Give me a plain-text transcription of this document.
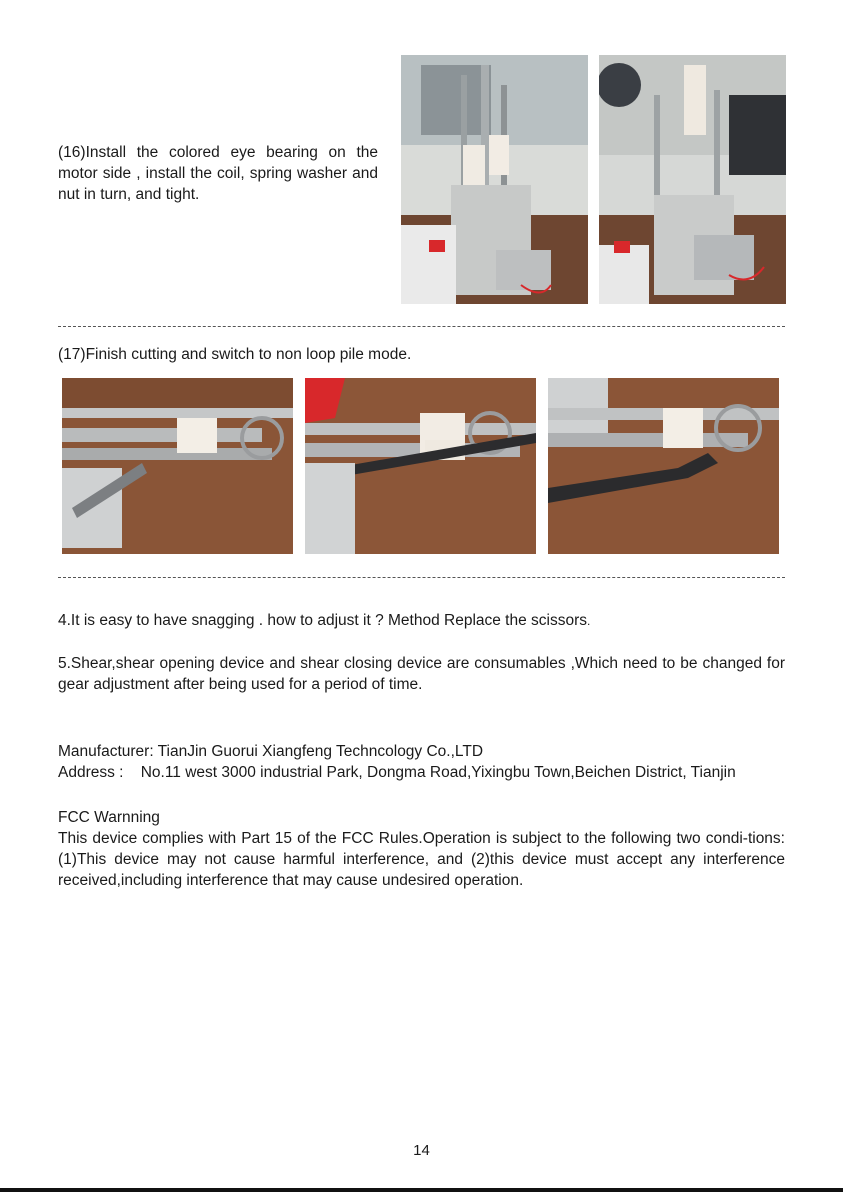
(16)Install the colored eye bearing on the motor side , install the coil, spring washer and nut in turn, and tight.
(17)Finish cutting and switch to non loop pile mode.
4.It is easy to have snagging . how to adjust it ? Method Replace the scissors.
5.Shear,shear opening device and shear closing device are consumables ,Which need to be changed for gear adjustment after being used for a period of time.
Manufacturer: TianJin Guorui Xiangfeng Techncology Co.,LTD
Address :    No.11 west 3000 industrial Park, Dongma Road,Yixingbu Town,Beichen District, Tianjin
FCC Warnning
This device complies with Part 15 of the FCC Rules.Operation is subject to the following two condi-tions: (1)This device may not cause harmful interference, and (2)this device must accept any interference received,including interference that may cause undesired operation.
14
